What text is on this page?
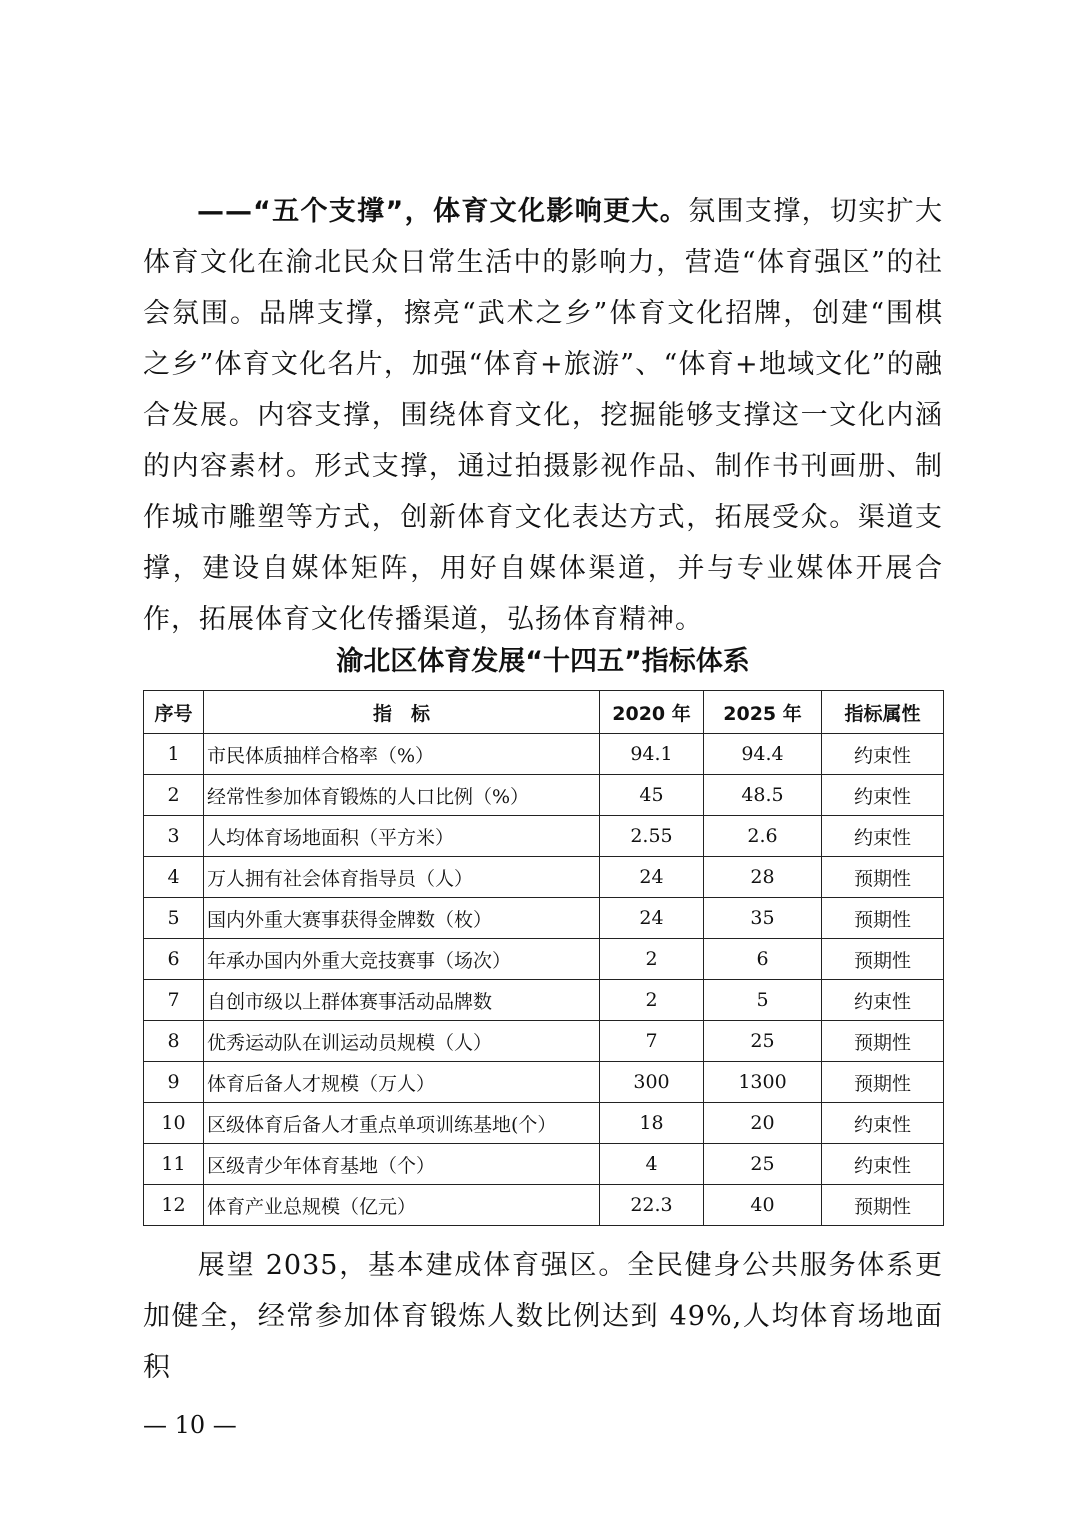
——“五个支撑”，体育文化影响更大。氛围支撑，切实扩大体育文化在渝北民众日常生活中的影响力，营造“体育强区”的社会氛围。品牌支撑，擦亮“武术之乡”体育文化招牌，创建“围棋之乡”体育文化名片，加强“体育+旅游”、“体育+地域文化”的融合发展。内容支撑，围绕体育文化，挖掘能够支撑这一文化内涵的内容素材。形式支撑，通过拍摄影视作品、制作书刊画册、制作城市雕塑等方式，创新体育文化表达方式，拓展受众。渠道支撑，建设自媒体矩阵，用好自媒体渠道，并与专业媒体开展合作，拓展体育文化传播渠道，弘扬体育精神。

渝北区体育发展“十四五”指标体系
序号	指　标	2020 年	2025 年	指标属性
1	市民体质抽样合格率（%）	94.1	94.4	约束性
2	经常性参加体育锻炼的人口比例（%）	45	48.5	约束性
3	人均体育场地面积（平方米）	2.55	2.6	约束性
4	万人拥有社会体育指导员（人）	24	28	预期性
5	国内外重大赛事获得金牌数（枚）	24	35	预期性
6	年承办国内外重大竞技赛事（场次）	2	6	预期性
7	自创市级以上群体赛事活动品牌数	2	5	约束性
8	优秀运动队在训运动员规模（人）	7	25	预期性
9	体育后备人才规模（万人）	300	1300	预期性
10	区级体育后备人才重点单项训练基地(个）	18	20	约束性
11	区级青少年体育基地（个）	4	25	约束性
12	体育产业总规模（亿元）	22.3	40	预期性

展望 2035，基本建成体育强区。全民健身公共服务体系更加健全，经常参加体育锻炼人数比例达到 49%,人均体育场地面积

— 10 —
